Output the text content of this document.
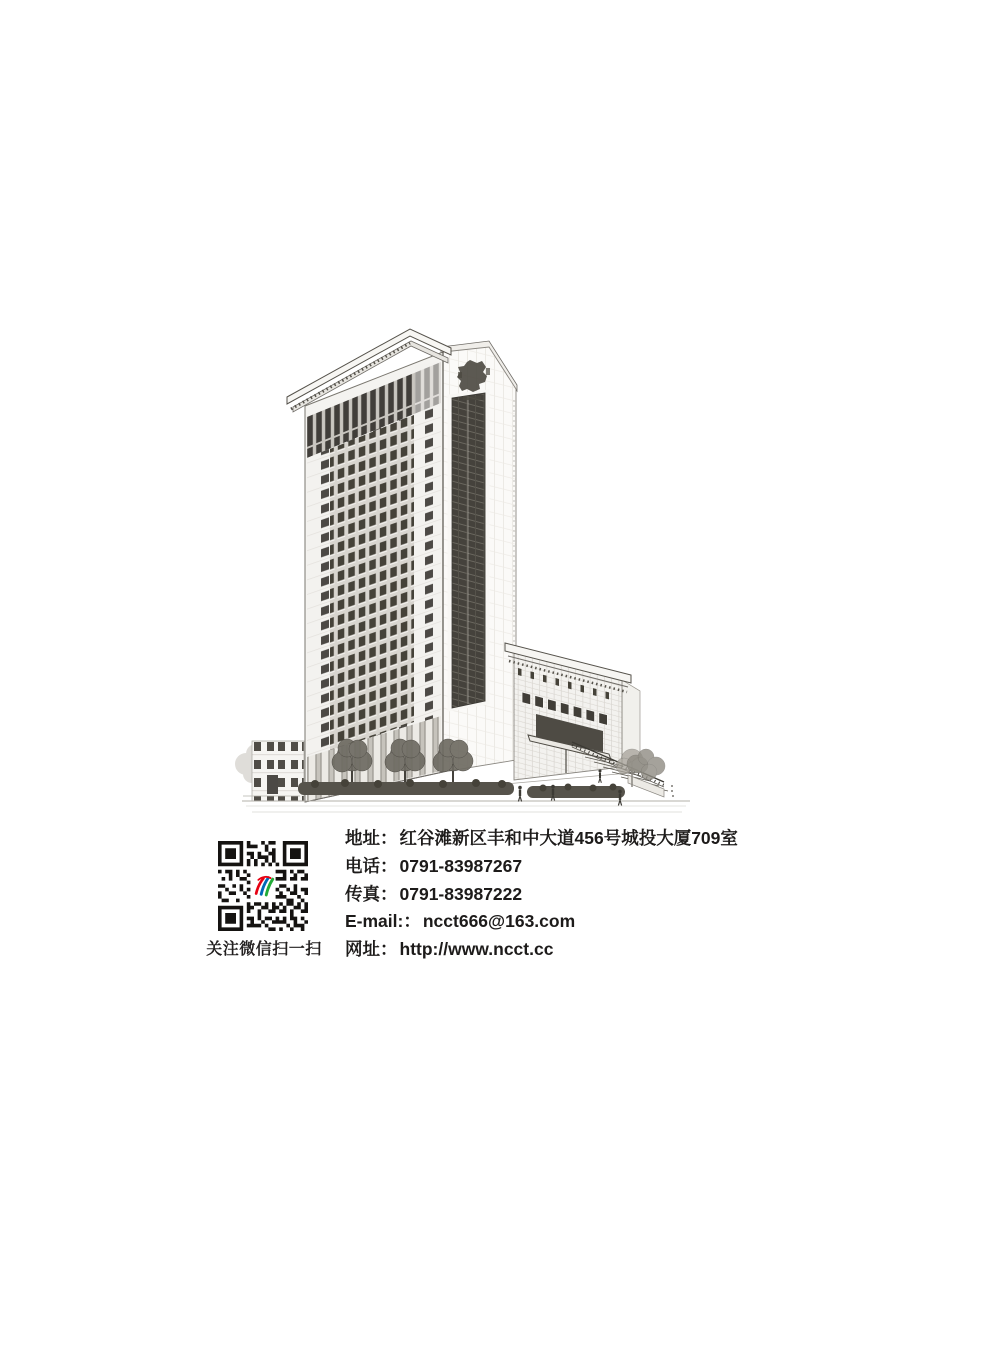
关注微信扫一扫
地址： 红谷滩新区丰和中大道456号城投大厦709室
电话： 0791-83987267
传真： 0791-83987222
E-mail:： ncct666@163.com
网址： http://www.ncct.cc
